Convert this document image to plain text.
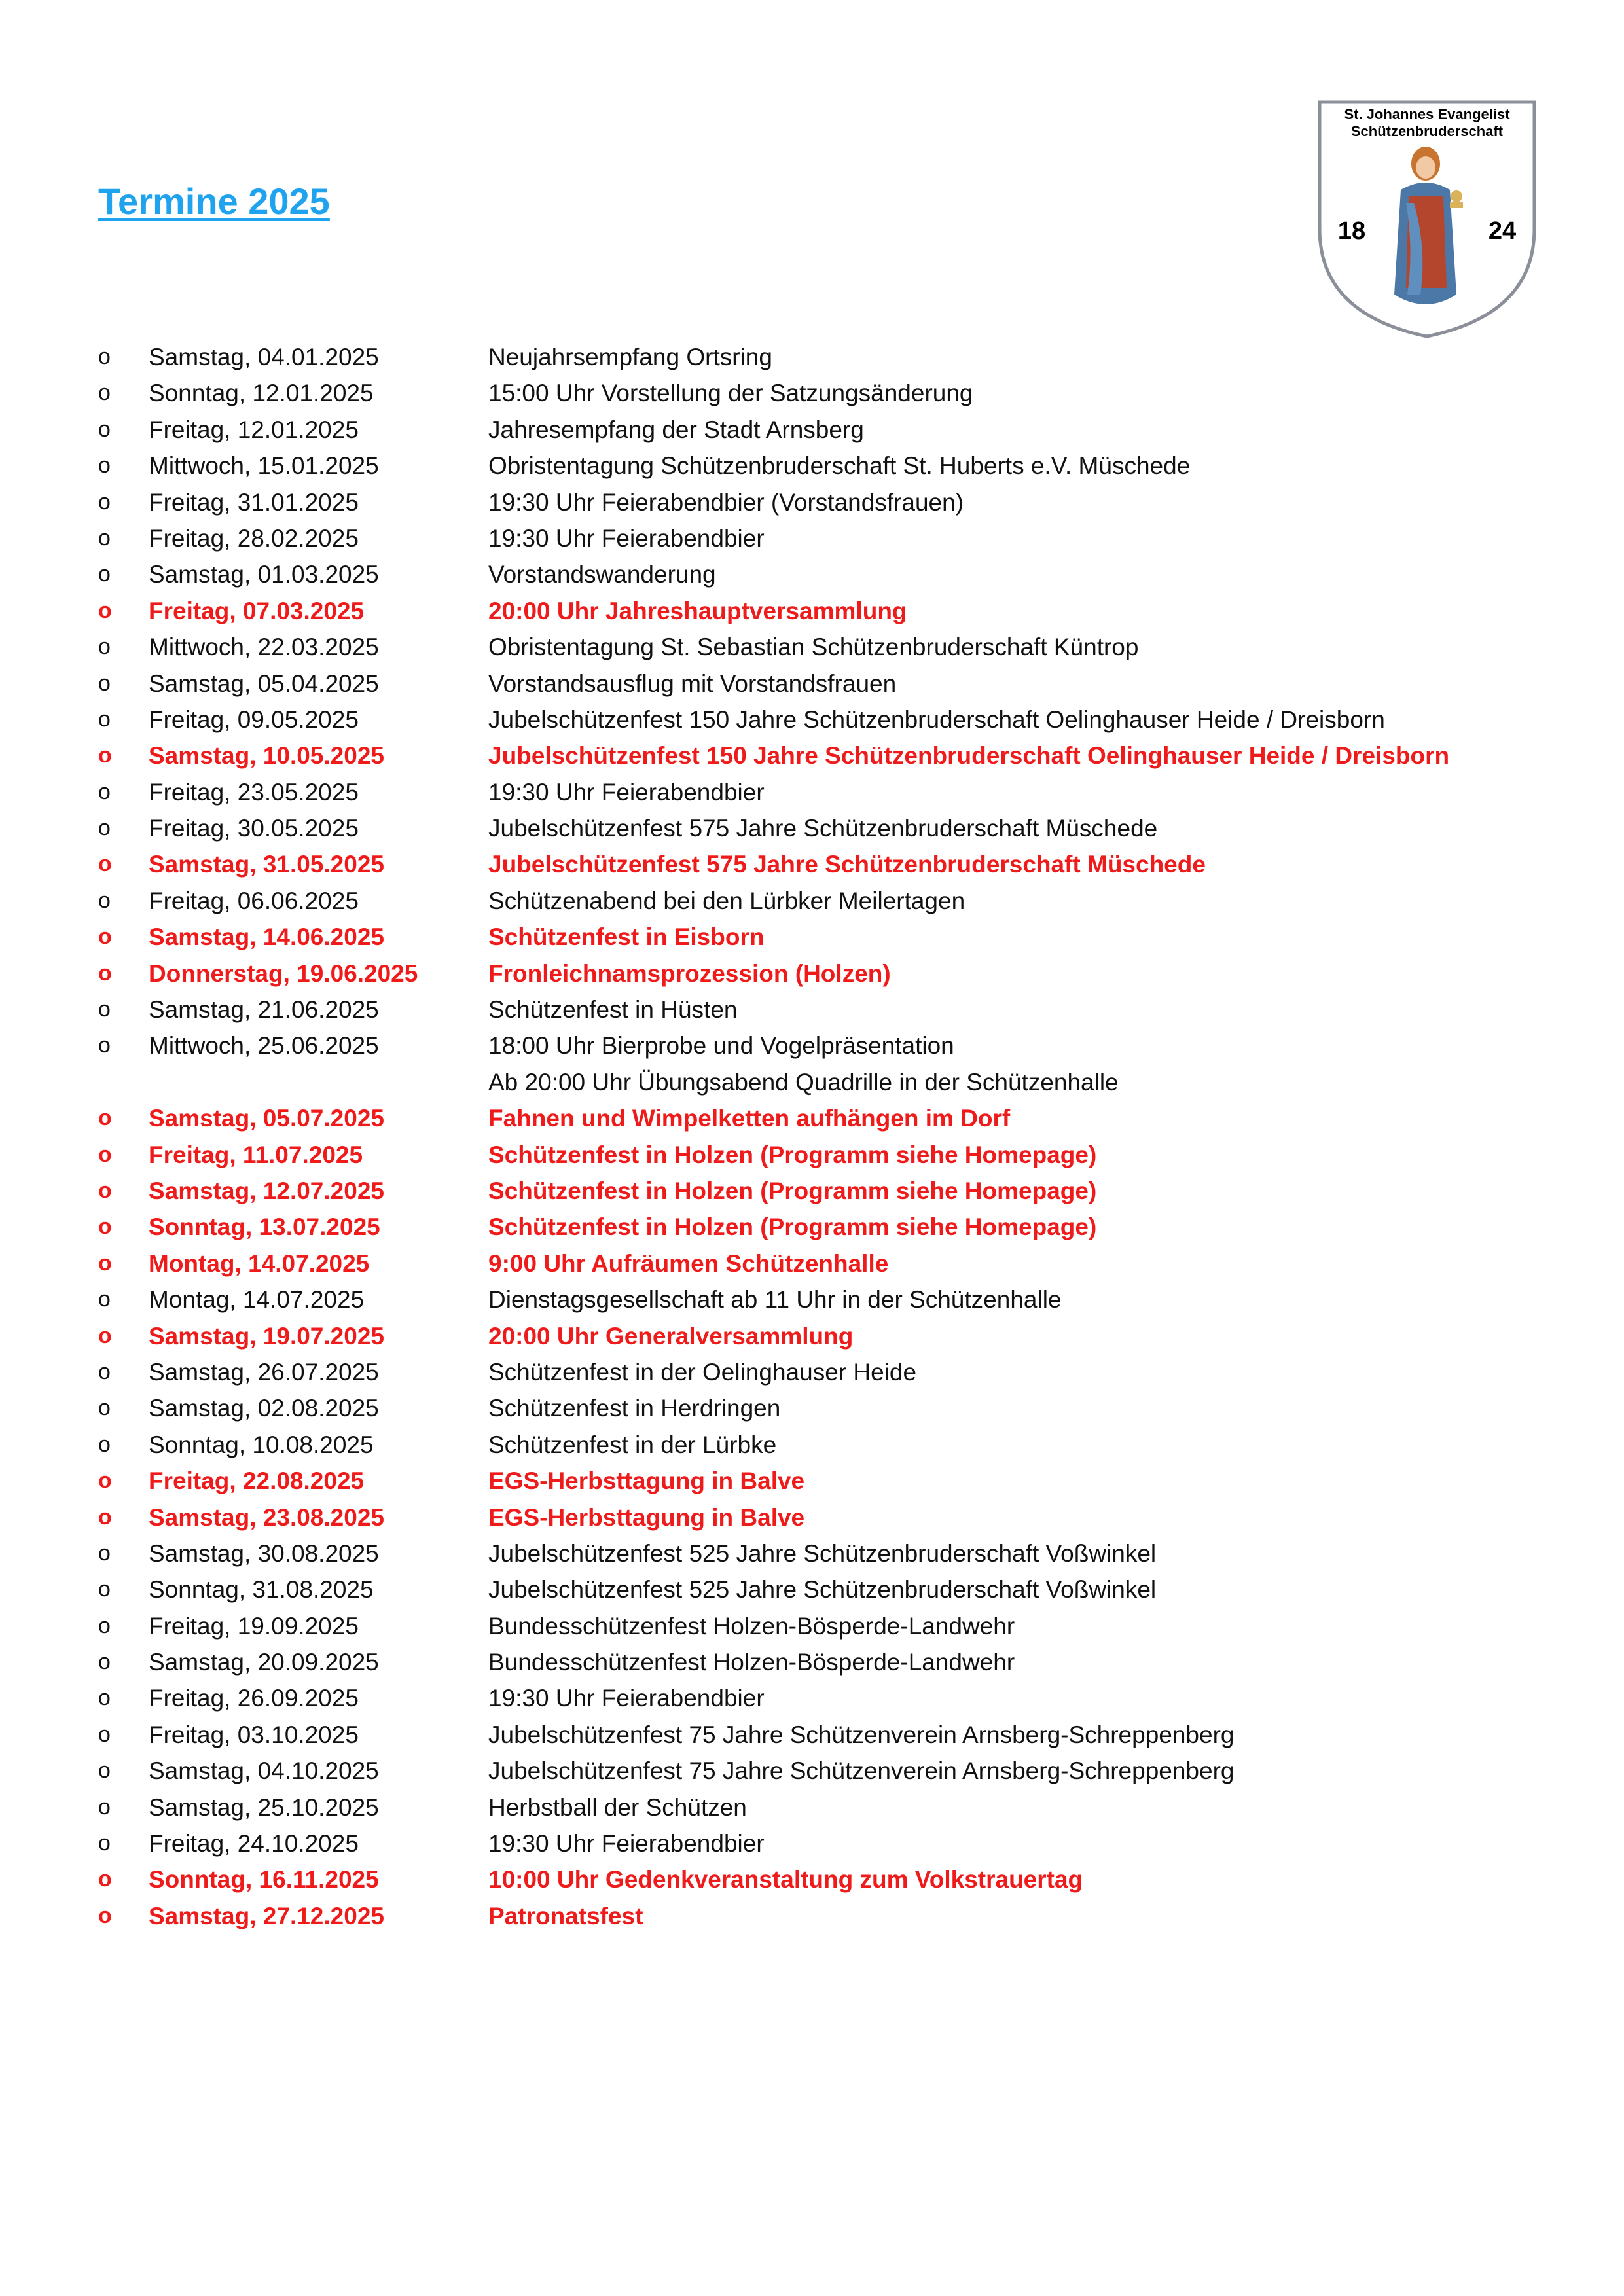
Termine 2025
St. Johannes Evangelist
Schützenbruderschaft
18	24
o	Samstag, 04.01.2025	Neujahrsempfang Ortsring
o	Sonntag, 12.01.2025	15:00 Uhr Vorstellung der Satzungsänderung
o	Freitag, 12.01.2025	Jahresempfang der Stadt Arnsberg
o	Mittwoch, 15.01.2025	Obristentagung Schützenbruderschaft St. Huberts e.V. Müschede
o	Freitag, 31.01.2025	19:30 Uhr Feierabendbier (Vorstandsfrauen)
o	Freitag, 28.02.2025	19:30 Uhr Feierabendbier
o	Samstag, 01.03.2025	Vorstandswanderung
o	Freitag, 07.03.2025	20:00 Uhr Jahreshauptversammlung
o	Mittwoch, 22.03.2025	Obristentagung St. Sebastian Schützenbruderschaft Küntrop
o	Samstag, 05.04.2025	Vorstandsausflug mit Vorstandsfrauen
o	Freitag, 09.05.2025	Jubelschützenfest 150 Jahre Schützenbruderschaft Oelinghauser Heide / Dreisborn
o	Samstag, 10.05.2025	Jubelschützenfest 150 Jahre Schützenbruderschaft Oelinghauser Heide / Dreisborn
o	Freitag, 23.05.2025	19:30 Uhr Feierabendbier
o	Freitag, 30.05.2025	Jubelschützenfest 575 Jahre Schützenbruderschaft Müschede
o	Samstag, 31.05.2025	Jubelschützenfest 575 Jahre Schützenbruderschaft Müschede
o	Freitag, 06.06.2025	Schützenabend bei den Lürbker Meilertagen
o	Samstag, 14.06.2025	Schützenfest in Eisborn
o	Donnerstag, 19.06.2025	Fronleichnamsprozession (Holzen)
o	Samstag, 21.06.2025	Schützenfest in Hüsten
o	Mittwoch, 25.06.2025	18:00 Uhr Bierprobe und Vogelpräsentation
Ab 20:00 Uhr Übungsabend Quadrille in der Schützenhalle
o	Samstag, 05.07.2025	Fahnen und Wimpelketten aufhängen im Dorf
o	Freitag, 11.07.2025	Schützenfest in Holzen (Programm siehe Homepage)
o	Samstag, 12.07.2025	Schützenfest in Holzen (Programm siehe Homepage)
o	Sonntag, 13.07.2025	Schützenfest in Holzen (Programm siehe Homepage)
o	Montag, 14.07.2025	9:00 Uhr Aufräumen Schützenhalle
o	Montag, 14.07.2025	Dienstagsgesellschaft ab 11 Uhr in der Schützenhalle
o	Samstag, 19.07.2025	20:00 Uhr Generalversammlung
o	Samstag, 26.07.2025	Schützenfest in der Oelinghauser Heide
o	Samstag, 02.08.2025	Schützenfest in Herdringen
o	Sonntag, 10.08.2025	Schützenfest in der Lürbke
o	Freitag, 22.08.2025	EGS-Herbsttagung in Balve
o	Samstag, 23.08.2025	EGS-Herbsttagung in Balve
o	Samstag, 30.08.2025	Jubelschützenfest 525 Jahre Schützenbruderschaft Voßwinkel
o	Sonntag, 31.08.2025	Jubelschützenfest 525 Jahre Schützenbruderschaft Voßwinkel
o	Freitag, 19.09.2025	Bundesschützenfest Holzen-Bösperde-Landwehr
o	Samstag, 20.09.2025	Bundesschützenfest Holzen-Bösperde-Landwehr
o	Freitag, 26.09.2025	19:30 Uhr Feierabendbier
o	Freitag, 03.10.2025	Jubelschützenfest 75 Jahre Schützenverein Arnsberg-Schreppenberg
o	Samstag, 04.10.2025	Jubelschützenfest 75 Jahre Schützenverein Arnsberg-Schreppenberg
o	Samstag, 25.10.2025	Herbstball der Schützen
o	Freitag, 24.10.2025	19:30 Uhr Feierabendbier
o	Sonntag, 16.11.2025	10:00 Uhr Gedenkveranstaltung zum Volkstrauertag
o	Samstag, 27.12.2025	Patronatsfest
